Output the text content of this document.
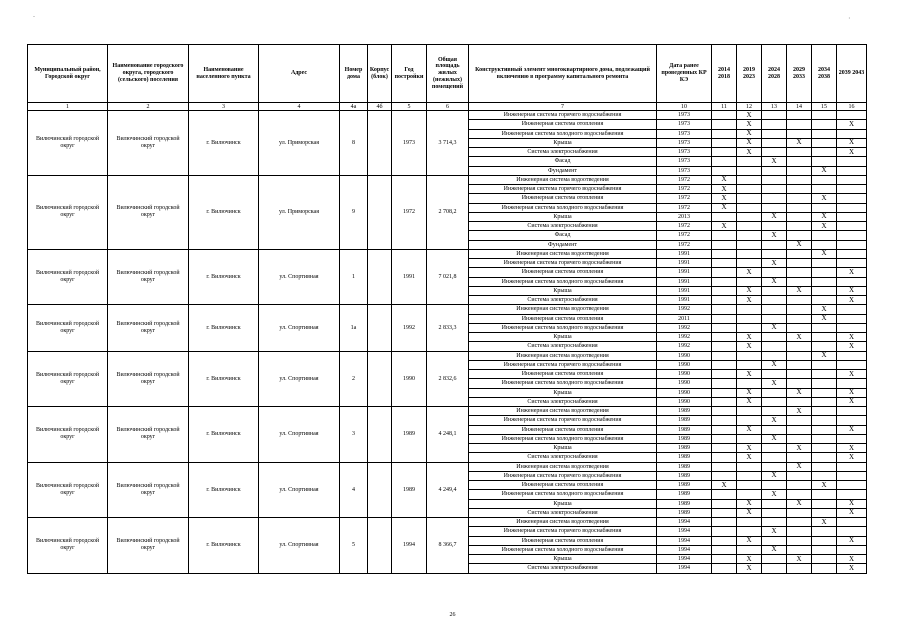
.	·
Муниципальный район, Городской округ	Наименование городского округа, городского (сельского) поселения	Наименование населенного пункта	Адрес	Номер дома	Корпус (блок)	Год постройки	Общая площадь жилых (нежилых) помещений	Конструктивный элемент многоквартирного дома, подлежащий включению в программу капитального ремонта	Дата ранее проведенных КР КЭ	2014 2018	2019 2023	2024 2028	2029 2033	2034 2038	2039 2043
1	2	3	4	4а	4б	5	6	7	10	11	12	13	14	15	16
Вилючинский городской округ	Вилючинский городской округ	г. Вилючинск	ул. Приморская	8		1973	3 714,3	Инженерная система горячего водоснабжения	1973		X				
								Инженерная система отопления	1973		X				X
								Инженерная система холодного водоснабжения	1973		X				
								Крыша	1973		X		X		X
								Система электроснабжения	1973		X				X
								Фасад	1973			X			
								Фундамент	1973					X	
Вилючинский городской округ	Вилючинский городской округ	г. Вилючинск	ул. Приморская	9		1972	2 708,2	Инженерная система водоотведения	1972	X					
								Инженерная система горячего водоснабжения	1972	X					
								Инженерная система отопления	1972	X				X	
								Инженерная система холодного водоснабжения	1972	X					
								Крыша	2013			X		X	
								Система электроснабжения	1972	X				X	
								Фасад	1972			X			
								Фундамент	1972				X		
Вилючинский городской округ	Вилючинский городской округ	г. Вилючинск	ул. Спортивная	1		1991	7 021,8	Инженерная система водоотведения	1991					X	
								Инженерная система горячего водоснабжения	1991			X			
								Инженерная система отопления	1991		X				X
								Инженерная система холодного водоснабжения	1991			X			
								Крыша	1991		X		X		X
								Система электроснабжения	1991		X				X
Вилючинский городской округ	Вилючинский городской округ	г. Вилючинск	ул. Спортивная	1а		1992	2 833,3	Инженерная система водоотведения	1992					X	
								Инженерная система отопления	2011					X	
								Инженерная система холодного водоснабжения	1992			X			
								Крыша	1992		X		X		X
								Система электроснабжения	1992		X				X
Вилючинский городской округ	Вилючинский городской округ	г. Вилючинск	ул. Спортивная	2		1990	2 832,6	Инженерная система водоотведения	1990					X	
								Инженерная система горячего водоснабжения	1990			X			
								Инженерная система отопления	1990		X				X
								Инженерная система холодного водоснабжения	1990			X			
								Крыша	1990		X		X		X
								Система электроснабжения	1990		X				X
Вилючинский городской округ	Вилючинский городской округ	г. Вилючинск	ул. Спортивная	3		1989	4 248,1	Инженерная система водоотведения	1989				X		
								Инженерная система горячего водоснабжения	1989			X			
								Инженерная система отопления	1989		X				X
								Инженерная система холодного водоснабжения	1989			X			
								Крыша	1989		X		X		X
								Система электроснабжения	1989		X				X
Вилючинский городской округ	Вилючинский городской округ	г. Вилючинск	ул. Спортивная	4		1989	4 249,4	Инженерная система водоотведения	1989				X		
								Инженерная система горячего водоснабжения	1989			X			
								Инженерная система отопления	1989	X				X	
								Инженерная система холодного водоснабжения	1989			X			
								Крыша	1989		X		X		X
								Система электроснабжения	1989		X				X
Вилючинский городской округ	Вилючинский городской округ	г. Вилючинск	ул. Спортивная	5		1994	8 366,7	Инженерная система водоотведения	1994					X	
								Инженерная система горячего водоснабжения	1994			X			
								Инженерная система отопления	1994		X				X
								Инженерная система холодного водоснабжения	1994			X			
								Крыша	1994		X		X		X
								Система электроснабжения	1994		X				X
26
